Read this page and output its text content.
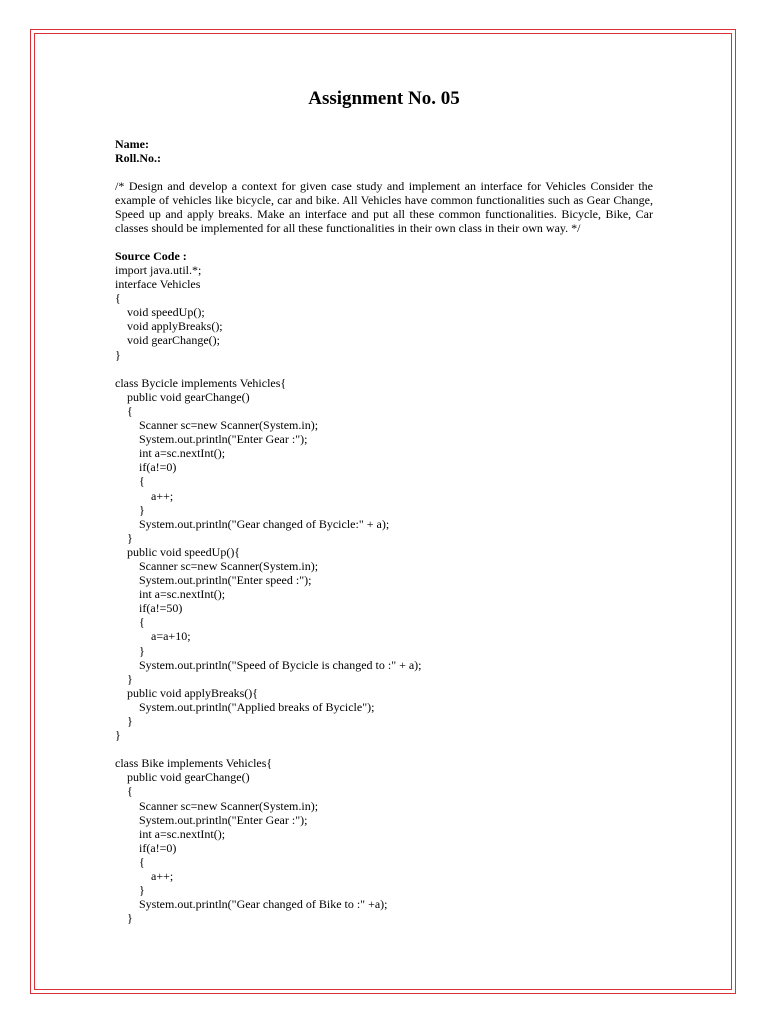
Assignment No. 05
Name:
Roll.No.:
/* Design and develop a context for given case study and implement an interface for Vehicles Consider the example of vehicles like bicycle, car and bike. All Vehicles have common functionalities such as Gear Change, Speed up and apply breaks. Make an interface and put all these common functionalities. Bicycle, Bike, Car classes should be implemented for all these functionalities in their own class in their own way. */
Source Code :
import java.util.*;
interface Vehicles
{
void speedUp();
void applyBreaks();
void gearChange();
}

class Bycicle implements Vehicles{
public void gearChange()
{
Scanner sc=new Scanner(System.in);
System.out.println("Enter Gear :");
int a=sc.nextInt();
if(a!=0)
{
a++;
}
System.out.println("Gear changed of Bycicle:" + a);
}
public void speedUp(){
Scanner sc=new Scanner(System.in);
System.out.println("Enter speed :");
int a=sc.nextInt();
if(a!=50)
{
a=a+10;
}
System.out.println("Speed of Bycicle is changed to :" + a);
}
public void applyBreaks(){
System.out.println("Applied breaks of Bycicle");
}
}

class Bike implements Vehicles{
public void gearChange()
{
Scanner sc=new Scanner(System.in);
System.out.println("Enter Gear :");
int a=sc.nextInt();
if(a!=0)
{
a++;
}
System.out.println("Gear changed of Bike to :" +a);
}
